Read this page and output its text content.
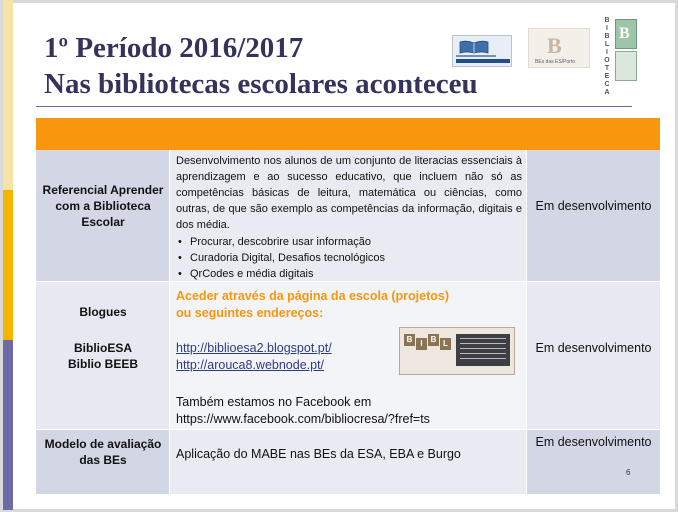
1º Período 2016/2017
Nas bibliotecas escolares aconteceu
B
BEs das ES/Porto
B
I
B
L
I
O
T
E
C
A
B
Referencial Aprender com a Biblioteca Escolar
Desenvolvimento nos alunos de um conjunto de literacias essenciais à aprendizagem e ao sucesso educativo, que incluem não só as competências básicas de leitura, matemática ou ciências, como outras, de que são exemplo as competências da informação, digitais e dos média.
• Procurar, descobrire usar informação
• Curadoria Digital, Desafios tecnológicos
• QrCodes e média digitais
Em desenvolvimento
Blogues
BiblioESA
Biblio BEEB
Aceder através da página da escola (projetos)
ou seguintes endereços:
http://biblioesa2.blogspot.pt/
http://arouca8.webnode.pt/
B I	B L
Também estamos no Facebook em
https://www.facebook.com/bibliocresa/?fref=ts
Em desenvolvimento
Modelo de avaliação das BEs	Aplicação do MABE nas BEs da ESA, EBA e Burgo
Em desenvolvimento
6
